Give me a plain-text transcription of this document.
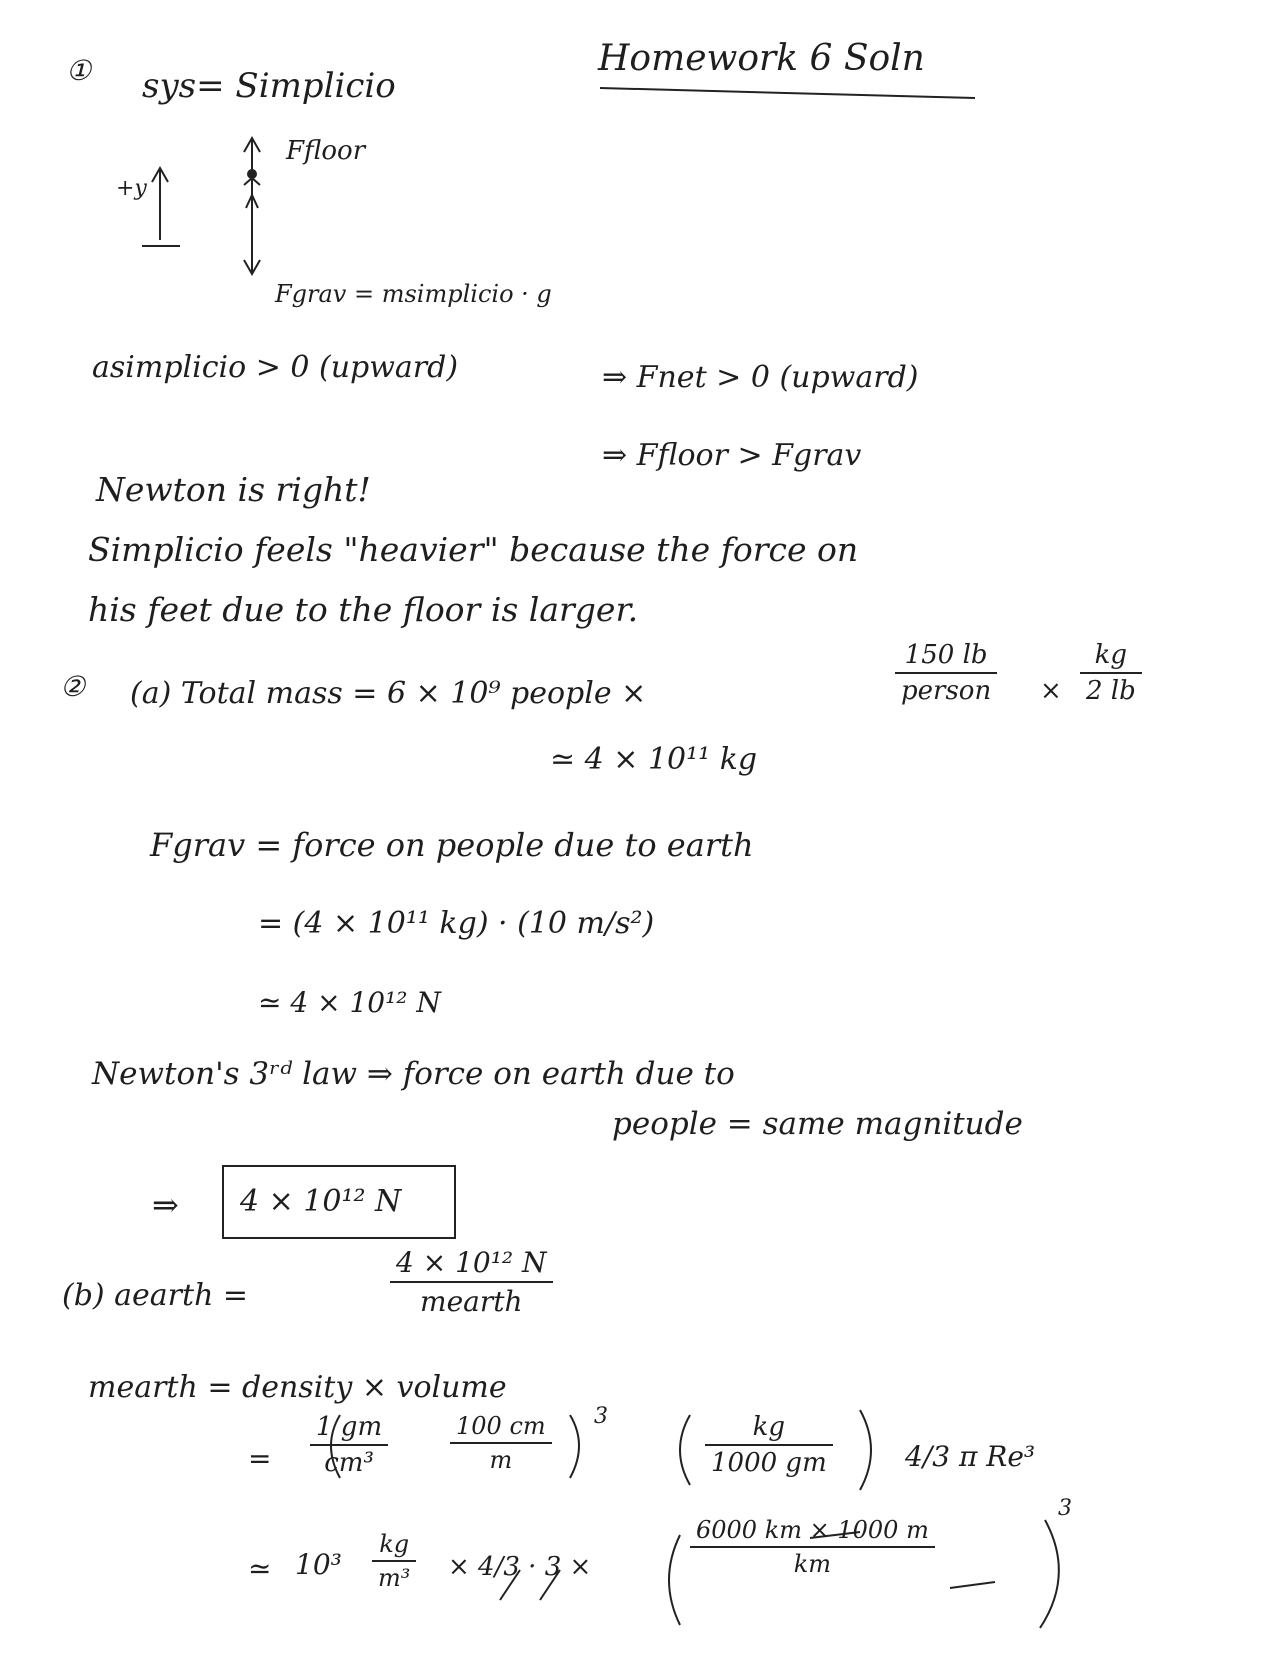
Homework 6 Soln
① sys= Simplicio
+y
Ffloor
Fgrav = msimplicio · g
asimplicio > 0 (upward)	⇒ Fnet > 0 (upward)
⇒ Ffloor > Fgrav
Newton is right!
Simplicio feels "heavier" because the force on
his feet due to the floor is larger.
② (a) Total mass = 6 × 10⁹ people ×
150 lb
person ×
kg
2 lb
≃ 4 × 10¹¹ kg
Fgrav = force on people due to earth
= (4 × 10¹¹ kg) · (10 m/s²)
≃ 4 × 10¹² N
Newton's 3ʳᵈ law ⇒ force on earth due to
people = same magnitude
⇒ 4 × 10¹² N
(b) aearth =
4 × 10¹² N
mearth
mearth = density × volume
=
1 gm
cm³
100 cm
m
3	kg
1000 gm	4/3 π Re³
≃ 10³
kg
m³ × 4/3 · 3 ×
6000 km × 1000 m
km
3
